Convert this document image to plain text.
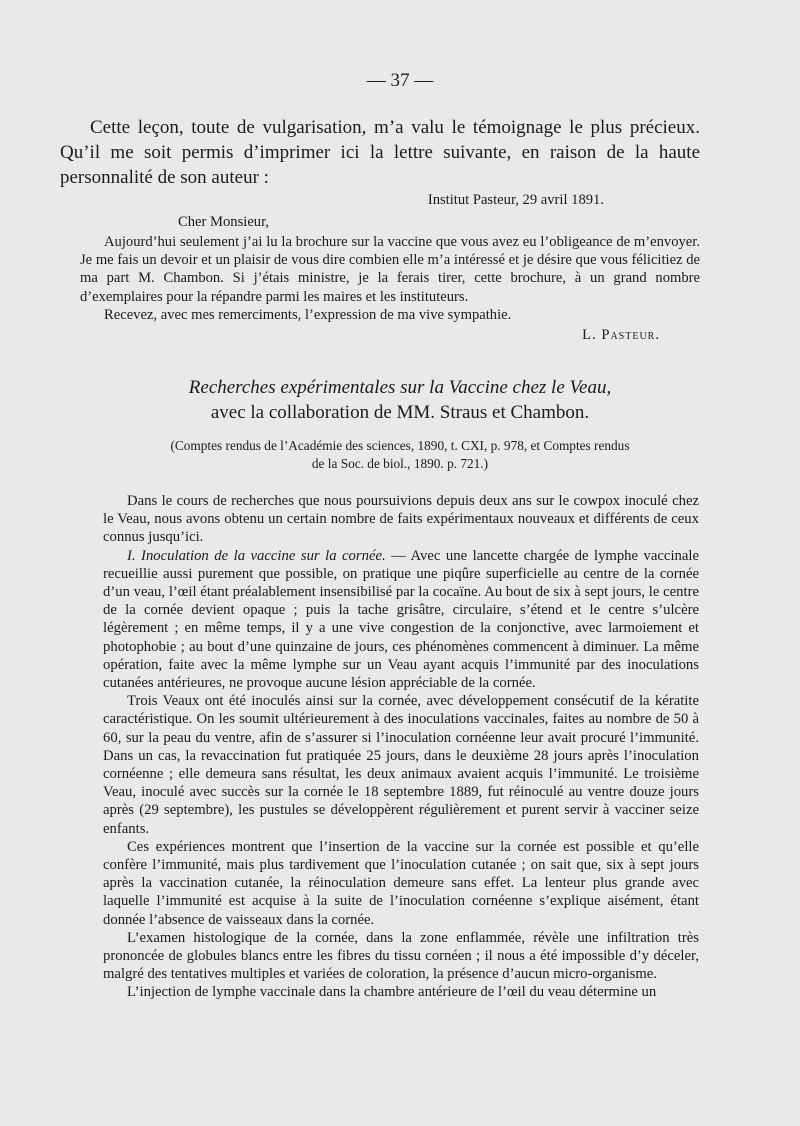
— 37 —

Cette leçon, toute de vulgarisation, m’a valu le témoignage le plus précieux. Qu’il me soit permis d’imprimer ici la lettre suivante, en raison de la haute personnalité de son auteur :

Institut Pasteur, 29 avril 1891.

Cher Monsieur,

Aujourd’hui seulement j’ai lu la brochure sur la vaccine que vous avez eu l’obligeance de m’envoyer. Je me fais un devoir et un plaisir de vous dire combien elle m’a intéressé et je désire que vous félicitiez de ma part M. Chambon. Si j’étais ministre, je la ferais tirer, cette brochure, à un grand nombre d’exemplaires pour la répandre parmi les maires et les instituteurs.

Recevez, avec mes remerciments, l’expression de ma vive sympathie.

L. Pasteur.

Recherches expérimentales sur la Vaccine chez le Veau,
avec la collaboration de MM. Straus et Chambon.

(Comptes rendus de l’Académie des sciences, 1890, t. CXI, p. 978, et Comptes rendus
de la Soc. de biol., 1890. p. 721.)

Dans le cours de recherches que nous poursuivions depuis deux ans sur le cowpox inoculé chez le Veau, nous avons obtenu un certain nombre de faits expérimentaux nouveaux et différents de ceux connus jusqu’ici.

I. Inoculation de la vaccine sur la cornée. — Avec une lancette chargée de lymphe vaccinale recueillie aussi purement que possible, on pratique une piqûre superficielle au centre de la cornée d’un veau, l’œil étant préalablement insensibilisé par la cocaïne. Au bout de six à sept jours, le centre de la cornée devient opaque ; puis la tache grisâtre, circulaire, s’étend et le centre s’ulcère légèrement ; en même temps, il y a une vive congestion de la conjonctive, avec larmoiement et photophobie ; au bout d’une quinzaine de jours, ces phénomènes commencent à diminuer. La même opération, faite avec la même lymphe sur un Veau ayant acquis l’immunité par des inoculations cutanées antérieures, ne provoque aucune lésion appréciable de la cornée.

Trois Veaux ont été inoculés ainsi sur la cornée, avec développement consécutif de la kératite caractéristique. On les soumit ultérieurement à des inoculations vaccinales, faites au nombre de 50 à 60, sur la peau du ventre, afin de s’assurer si l’inoculation cornéenne leur avait procuré l’immunité. Dans un cas, la revaccination fut pratiquée 25 jours, dans le deuxième 28 jours après l’inoculation cornéenne ; elle demeura sans résultat, les deux animaux avaient acquis l’immunité. Le troisième Veau, inoculé avec succès sur la cornée le 18 septembre 1889, fut réinoculé au ventre douze jours après (29 septembre), les pustules se développèrent régulièrement et purent servir à vacciner seize enfants.

Ces expériences montrent que l’insertion de la vaccine sur la cornée est possible et qu’elle confère l’immunité, mais plus tardivement que l’inoculation cutanée ; on sait que, six à sept jours après la vaccination cutanée, la réinoculation demeure sans effet. La lenteur plus grande avec laquelle l’immunité est acquise à la suite de l’inoculation cornéenne s’explique aisément, étant donnée l’absence de vaisseaux dans la cornée.

L’examen histologique de la cornée, dans la zone enflammée, révèle une infiltration très prononcée de globules blancs entre les fibres du tissu cornéen ; il nous a été impossible d’y déceler, malgré des tentatives multiples et variées de coloration, la présence d’aucun micro-organisme.

L’injection de lymphe vaccinale dans la chambre antérieure de l’œil du veau détermine un
